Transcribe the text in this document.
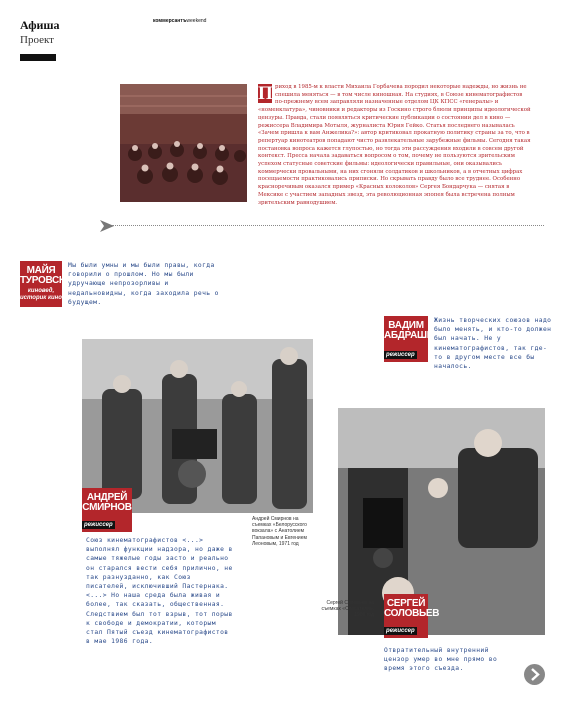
Афиша
Проект
коммерсантъweekend
П риход в 1985-м к власти Михаила Горбачева породил некоторые надежды, но жизнь не спешила меняться — в том числе киношная. На студиях, в Союзе кинематографистов по-прежнему всем заправляли назначенные отделом ЦК КПСС «генералы» и «номенклатура», чиновники и редакторы из Госкино строго блюли принципы идеологической цензуры. Правда, стали появляться критические публикации о состоянии дел в кино — режиссера Владимира Мотыля, журналиста Юрия Гейко. Статья последнего называлась «Зачем пришла к вам Анжелика?»: автор критиковал прокатную политику страны за то, что в репертуар кинотеатров попадают чисто развлекательные зарубежные фильмы. Сегодня такая постановка вопроса кажется глупостью, но тогда эти рассуждения входили в совсем другой контекст. Пресса начала задаваться вопросом о том, почему не пользуются зрительским успехом статусные советские фильмы: идеологически правильные, они оказывались коммерчески провальными, на них сгоняли солдатиков и школьников, а в отчетных цифрах посещаемости практиковались приписки. Но скрывать правду было все труднее. Особенно красноречивым оказался пример «Красных колоколов» Сергея Бондарчука — снятая в Мексике с участием западных звезд, эта революционная эпопея была встречена полным зрительским равнодушием.
МАЙЯ
ТУРОВСКАЯ
киновед, историк кино
Мы были умны и мы были правы, когда говорили о прошлом. Но мы были удручающе непрозорливы и недальновидны, когда заходила речь о будущем.
ВАДИМ
АБДРАШИТОВ
режиссер
Жизнь творческих союзов надо было менять, и кто-то должен был начать. Не у кинематографистов, так где-то в другом месте все бы началось.
АНДРЕЙ
СМИРНОВ
режиссер
Андрей Смирнов на съемках «Белорусского вокзала» с Анатолием Папановым и Евгением Леоновым, 1971 год
Союз кинематографистов <...> выполнял функции надзора, но даже в самые тяжелые годы засто и реально он старался вести себя прилично, не так разнузданно, как Союз писателей, исключивший Пастернака. <...> Но наша среда была живая и более, так сказать, общественная. Следствием был тот взрыв, тот порыв к свободе и демократии, которым стал Пятый съезд кинематографистов в мае 1986 года.
СЕРГЕЙ
СОЛОВЬЕВ
режиссер
Сергей Соловьев на съемках «Спасателя», 1980 год
Отвратительный внутренний цензор умер во мне прямо во время этого съезда.
